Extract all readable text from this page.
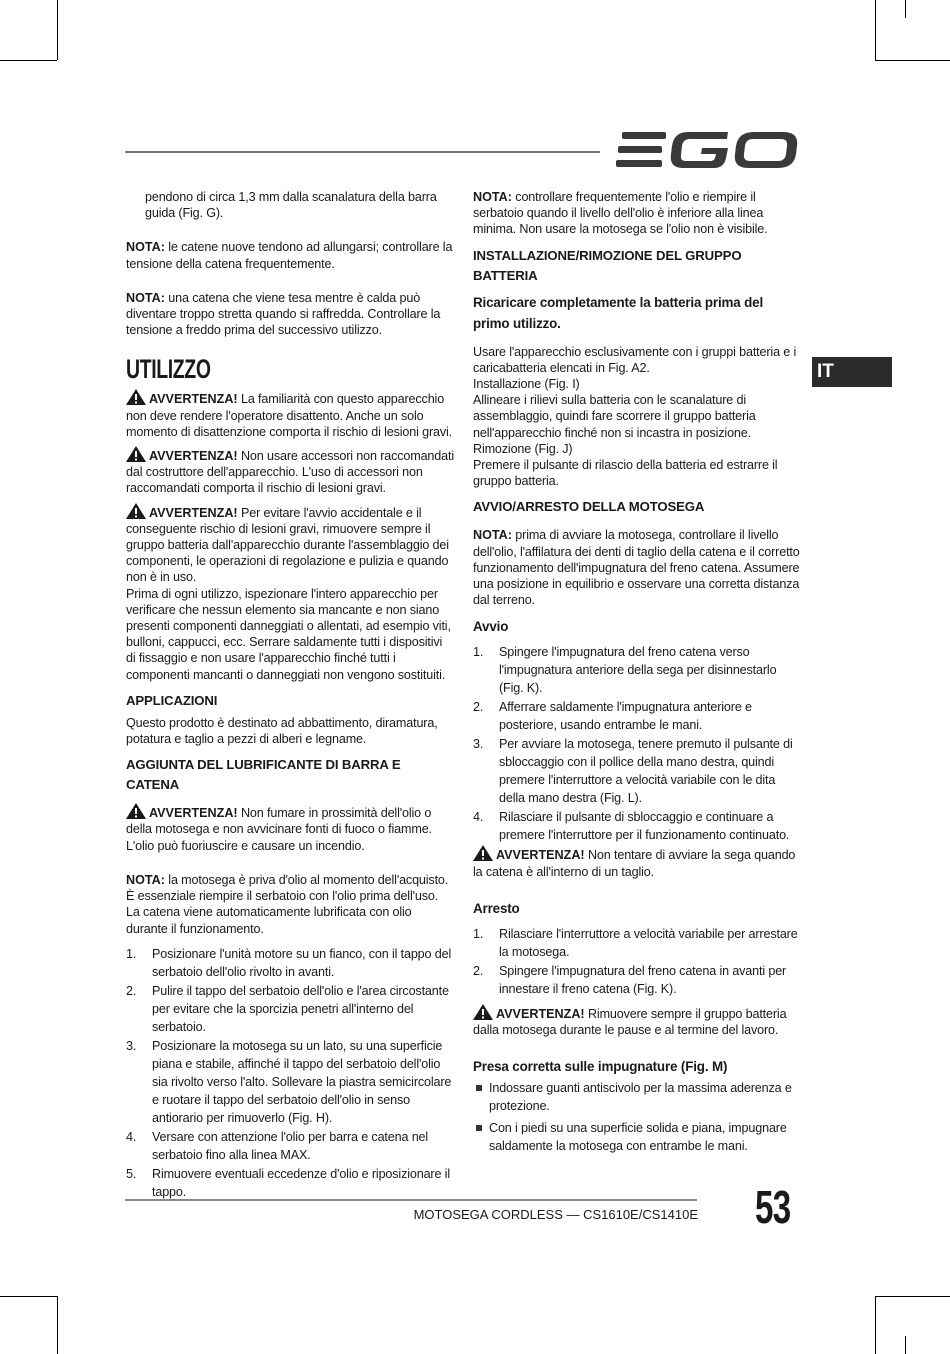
IT

pendono di circa 1,3 mm dalla scanalatura della barra guida (Fig. G).

NOTA: le catene nuove tendono ad allungarsi; controllare la tensione della catena frequentemente.

NOTA: una catena che viene tesa mentre è calda può diventare troppo stretta quando si raffredda. Controllare la tensione a freddo prima del successivo utilizzo.

UTILIZZO

AVVERTENZA! La familiarità con questo apparecchio non deve rendere l'operatore disattento. Anche un solo momento di disattenzione comporta il rischio di lesioni gravi.

AVVERTENZA! Non usare accessori non raccomandati dal costruttore dell'apparecchio. L'uso di accessori non raccomandati comporta il rischio di lesioni gravi.

AVVERTENZA! Per evitare l'avvio accidentale e il conseguente rischio di lesioni gravi, rimuovere sempre il gruppo batteria dall'apparecchio durante l'assemblaggio dei componenti, le operazioni di regolazione e pulizia e quando non è in uso.

Prima di ogni utilizzo, ispezionare l'intero apparecchio per verificare che nessun elemento sia mancante e non siano presenti componenti danneggiati o allentati, ad esempio viti, bulloni, cappucci, ecc. Serrare saldamente tutti i dispositivi di fissaggio e non usare l'apparecchio finché tutti i componenti mancanti o danneggiati non vengono sostituiti.

APPLICAZIONI

Questo prodotto è destinato ad abbattimento, diramatura, potatura e taglio a pezzi di alberi e legname.

AGGIUNTA DEL LUBRIFICANTE DI BARRA E CATENA

AVVERTENZA! Non fumare in prossimità dell'olio o della motosega e non avvicinare fonti di fuoco o fiamme. L'olio può fuoriuscire e causare un incendio.

NOTA: la motosega è priva d'olio al momento dell'acquisto. È essenziale riempire il serbatoio con l'olio prima dell'uso. La catena viene automaticamente lubrificata con olio durante il funzionamento.

1. Posizionare l'unità motore su un fianco, con il tappo del serbatoio dell'olio rivolto in avanti.
2. Pulire il tappo del serbatoio dell'olio e l'area circostante per evitare che la sporcizia penetri all'interno del serbatoio.
3. Posizionare la motosega su un lato, su una superficie piana e stabile, affinché il tappo del serbatoio dell'olio sia rivolto verso l'alto. Sollevare la piastra semicircolare e ruotare il tappo del serbatoio dell'olio in senso antiorario per rimuoverlo (Fig. H).
4. Versare con attenzione l'olio per barra e catena nel serbatoio fino alla linea MAX.
5. Rimuovere eventuali eccedenze d'olio e riposizionare il tappo.

NOTA: controllare frequentemente l'olio e riempire il serbatoio quando il livello dell'olio è inferiore alla linea minima. Non usare la motosega se l'olio non è visibile.

INSTALLAZIONE/RIMOZIONE DEL GRUPPO BATTERIA
Ricaricare completamente la batteria prima del primo utilizzo.

Usare l'apparecchio esclusivamente con i gruppi batteria e i caricabatteria elencati in Fig. A2.

Installazione (Fig. I)

Allineare i rilievi sulla batteria con le scanalature di assemblaggio, quindi fare scorrere il gruppo batteria nell'apparecchio finché non si incastra in posizione.

Rimozione (Fig. J)

Premere il pulsante di rilascio della batteria ed estrarre il gruppo batteria.

AVVIO/ARRESTO DELLA MOTOSEGA

NOTA: prima di avviare la motosega, controllare il livello dell'olio, l'affilatura dei denti di taglio della catena e il corretto funzionamento dell'impugnatura del freno catena. Assumere una posizione in equilibrio e osservare una corretta distanza dal terreno.

Avvio
1. Spingere l'impugnatura del freno catena verso l'impugnatura anteriore della sega per disinnestarlo (Fig. K).
2. Afferrare saldamente l'impugnatura anteriore e posteriore, usando entrambe le mani.
3. Per avviare la motosega, tenere premuto il pulsante di sbloccaggio con il pollice della mano destra, quindi premere l'interruttore a velocità variabile con le dita della mano destra (Fig. L).
4. Rilasciare il pulsante di sbloccaggio e continuare a premere l'interruttore per il funzionamento continuato.

AVVERTENZA! Non tentare di avviare la sega quando la catena è all'interno di un taglio.

Arresto
1. Rilasciare l'interruttore a velocità variabile per arrestare la motosega.
2. Spingere l'impugnatura del freno catena in avanti per innestare il freno catena (Fig. K).

AVVERTENZA! Rimuovere sempre il gruppo batteria dalla motosega durante le pause e al termine del lavoro.

Presa corretta sulle impugnature (Fig. M)
Indossare guanti antiscivolo per la massima aderenza e protezione.
Con i piedi su una superficie solida e piana, impugnare saldamente la motosega con entrambe le mani.
MOTOSEGA CORDLESS — CS1610E/CS1410E 53
